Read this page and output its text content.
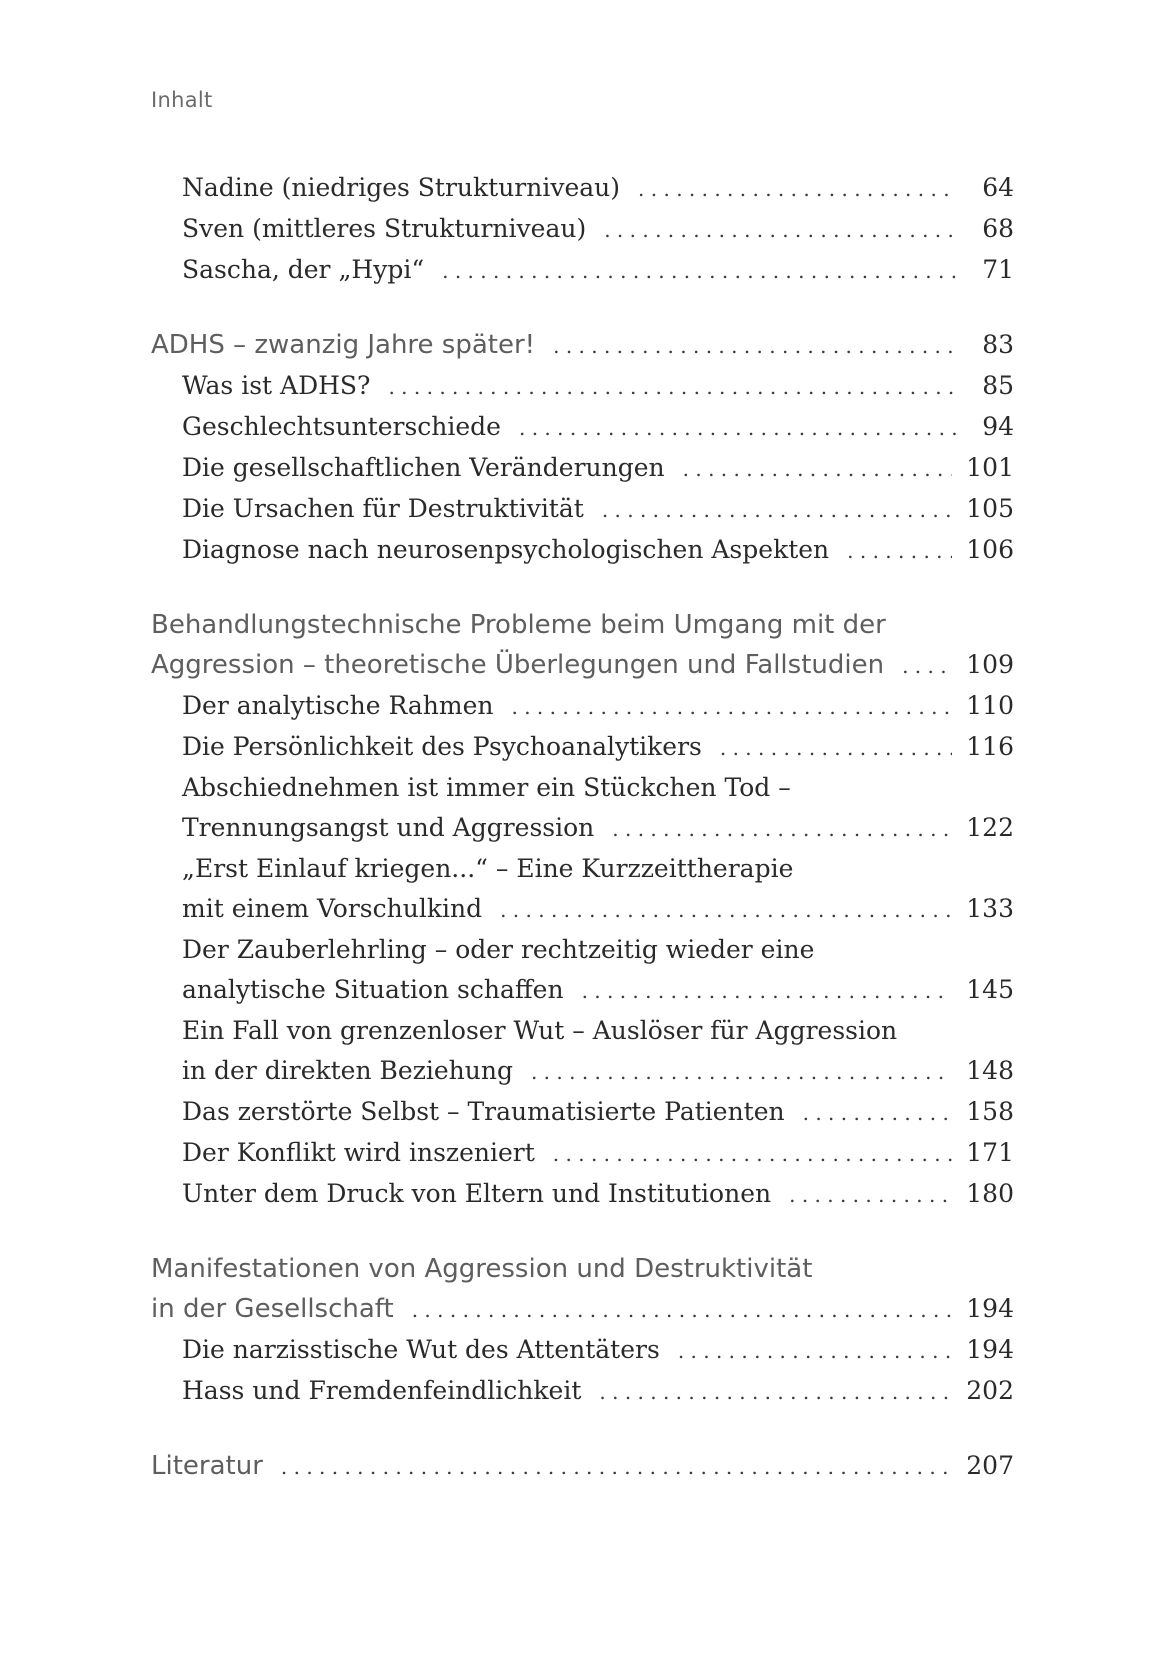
Inhalt
Nadine (niedriges Strukturniveau) . . .	64
Sven (mittleres Strukturniveau) . . .	68
Sascha, der „Hypi“ . . .	71
ADHS – zwanzig Jahre später! . . .	83
Was ist ADHS? . . .	85
Geschlechtsunterschiede . . .	94
Die gesellschaftlichen Veränderungen . . .	101
Die Ursachen für Destruktivität . . .	105
Diagnose nach neurosenpsychologischen Aspekten . . .	106
Behandlungstechnische Probleme beim Umgang mit der
Aggression – theoretische Überlegungen und Fallstudien . . .	109
Der analytische Rahmen . . .	110
Die Persönlichkeit des Psychoanalytikers . . .	116
Abschiednehmen ist immer ein Stückchen Tod –
Trennungsangst und Aggression . . .	122
„Erst Einlauf kriegen...“ – Eine Kurzzeittherapie
mit einem Vorschulkind . . .	133
Der Zauberlehrling – oder rechtzeitig wieder eine
analytische Situation schaffen . . .	145
Ein Fall von grenzenloser Wut – Auslöser für Aggression
in der direkten Beziehung . . .	148
Das zerstörte Selbst – Traumatisierte Patienten . . .	158
Der Konflikt wird inszeniert . . .	171
Unter dem Druck von Eltern und Institutionen . . .	180
Manifestationen von Aggression und Destruktivität
in der Gesellschaft . . .	194
Die narzisstische Wut des Attentäters . . .	194
Hass und Fremdenfeindlichkeit . . .	202
Literatur . . .	207
